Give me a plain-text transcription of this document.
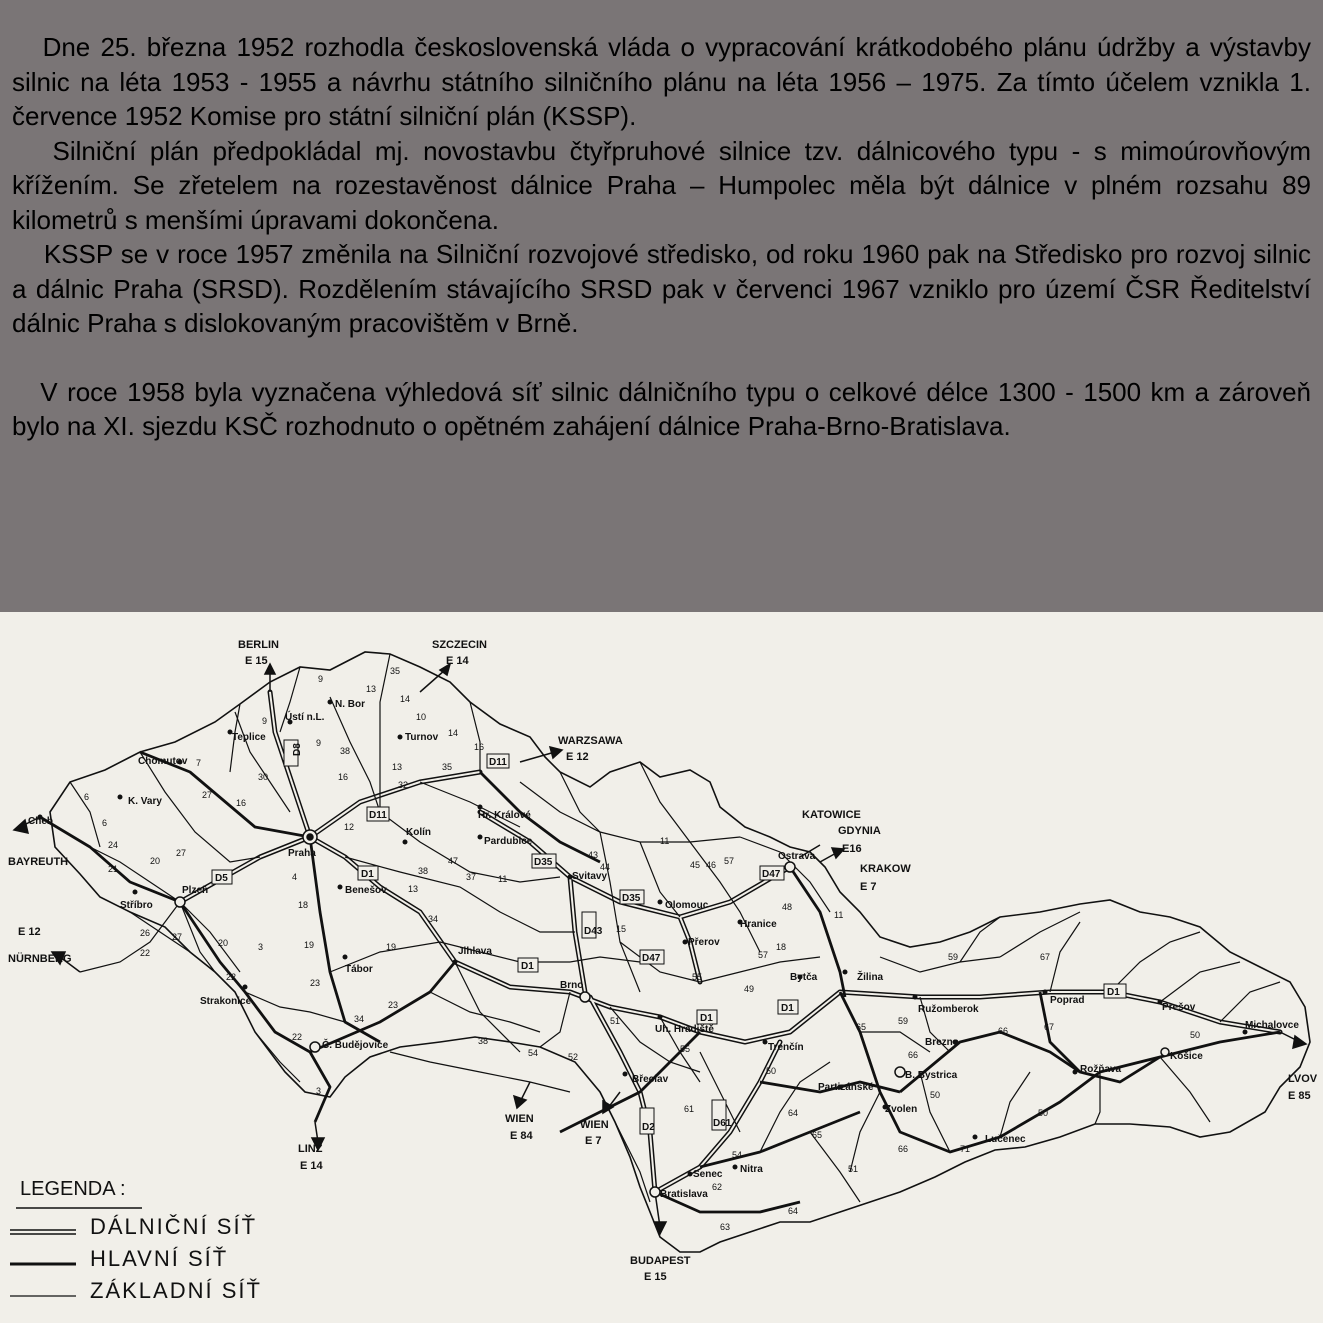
Dne 25. března 1952 rozhodla československá vláda o vypracování krátkodobého plánu údržby a výstavby silnic na léta 1953 - 1955 a návrhu státního silničního plánu na léta 1956 – 1975. Za tímto účelem vznikla 1. července 1952 Komise pro státní silniční plán (KSSP).

Silniční plán předpokládal mj. novostavbu čtyřpruhové silnice tzv. dálnicového typu - s mimoúrovňovým křížením. Se zřetelem na rozestavěnost dálnice Praha – Humpolec měla být dálnice v plném rozsahu 89 kilometrů s menšími úpravami dokončena.

KSSP se v roce 1957 změnila na Silniční rozvojové středisko, od roku 1960 pak na Středisko pro rozvoj silnic a dálnic Praha (SRSD). Rozdělením stávajícího SRSD pak v červenci 1967 vzniklo pro území ČSR Ředitelství dálnic Praha s dislokovaným pracovištěm v Brně.

V roce 1958 byla vyznačena výhledová síť silnic dálničního typu o celkové délce 1300 - 1500 km a zároveň bylo na XI. sjezdu KSČ rozhodnuto o opětném zahájení dálnice Praha-Brno-Bratislava.

BERLIN
E 15
SZCZECIN
E 14
WARZSAWA
E 12
KATOWICE
GDYNIA
E16
KRAKOW
E 7
BAYREUTH
E 12
NÜRNBERG
LINZ
E 14
WIEN
E 84
WIEN
E 7
BUDAPEST
E 15
LVOV
E 85
Cheb
K. Vary
Chomutov
Teplice
Ústí n.L.
N. Bor
Turnov
Hr. Králové
Pardubice
Kolín
Praha
Benešov
Plzeň
Stříbro
Strakonice
Tábor
Č. Budějovice
Jihlava
Svitavy
Olomouc
Ostrava
Hranice
Přerov
Brno
Uh. Hradiště
Břeclav
Trenčín
Bytča	Žilina
Ružomberok
Poprad
Prešov
Michalovce
Košice
Rožňava
Brezno
B. Bystrica
Partizánské
Zvolen
Lučenec
Nitra
Senec
Bratislava
D8
D11
D11
D1
D5
D35
D35
D47
D47
D43
D1
D1
D1
D1
D2	D61
9
13
35
14
10
14
16
7	13
30
27
16
9
38
16
32
35
11
6
24
21
20
27
12
4
18
38
47
37 11
43
44	45 46 57
26
22
27
20
22
19	19
23
23
34
22
3
38
54	52
51
55
49
55
50
18
57
48
11
65
59
59	67
66	67
50
66
50
64
65
66	71
50
51
64
54
62
63
61
13
34
15
3
9
6
LEGENDA :
DÁLNIČNÍ SÍŤ
HLAVNÍ SÍŤ
ZÁKLADNÍ SÍŤ
